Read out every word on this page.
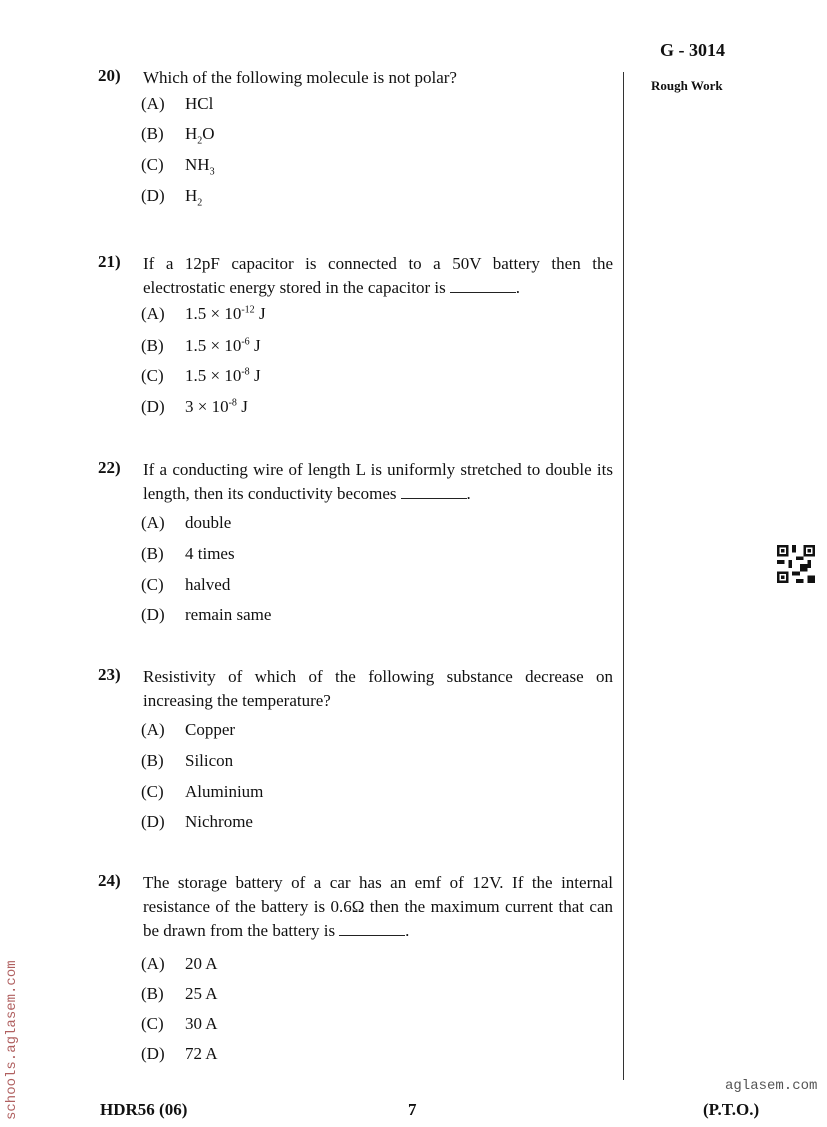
G - 3014
Rough Work
20) Which of the following molecule is not polar?
(A) HCl
(B) $H_2O$
(C) $NH_3$
(D) $H_2$
21) If a 12pF capacitor is connected to a 50V battery then the electrostatic energy stored in the capacitor is	.
(A) $1.5 \times 10^{-12}$ J
(B) $1.5 \times 10^{-6}$ J
(C) $1.5 \times 10^{-8}$ J
(D) $3 \times 10^{-8}$ J
22) If a conducting wire of length L is uniformly stretched to double its length, then its conductivity becomes	.
(A) double
(B) 4 times
(C) halved
(D) remain same
23) Resistivity of which of the following substance decrease on increasing the temperature?
(A) Copper
(B) Silicon
(C) Aluminium
(D) Nichrome
24) The storage battery of a car has an emf of 12V. If the internal resistance of the battery is 0.6Ω then the maximum current that can be drawn from the battery is	.
(A) 20 A
(B) 25 A
(C) 30 A
(D) 72 A
schools.aglasem.com	HDR56 (06)	7	(P.T.O.)
aglasem.com
